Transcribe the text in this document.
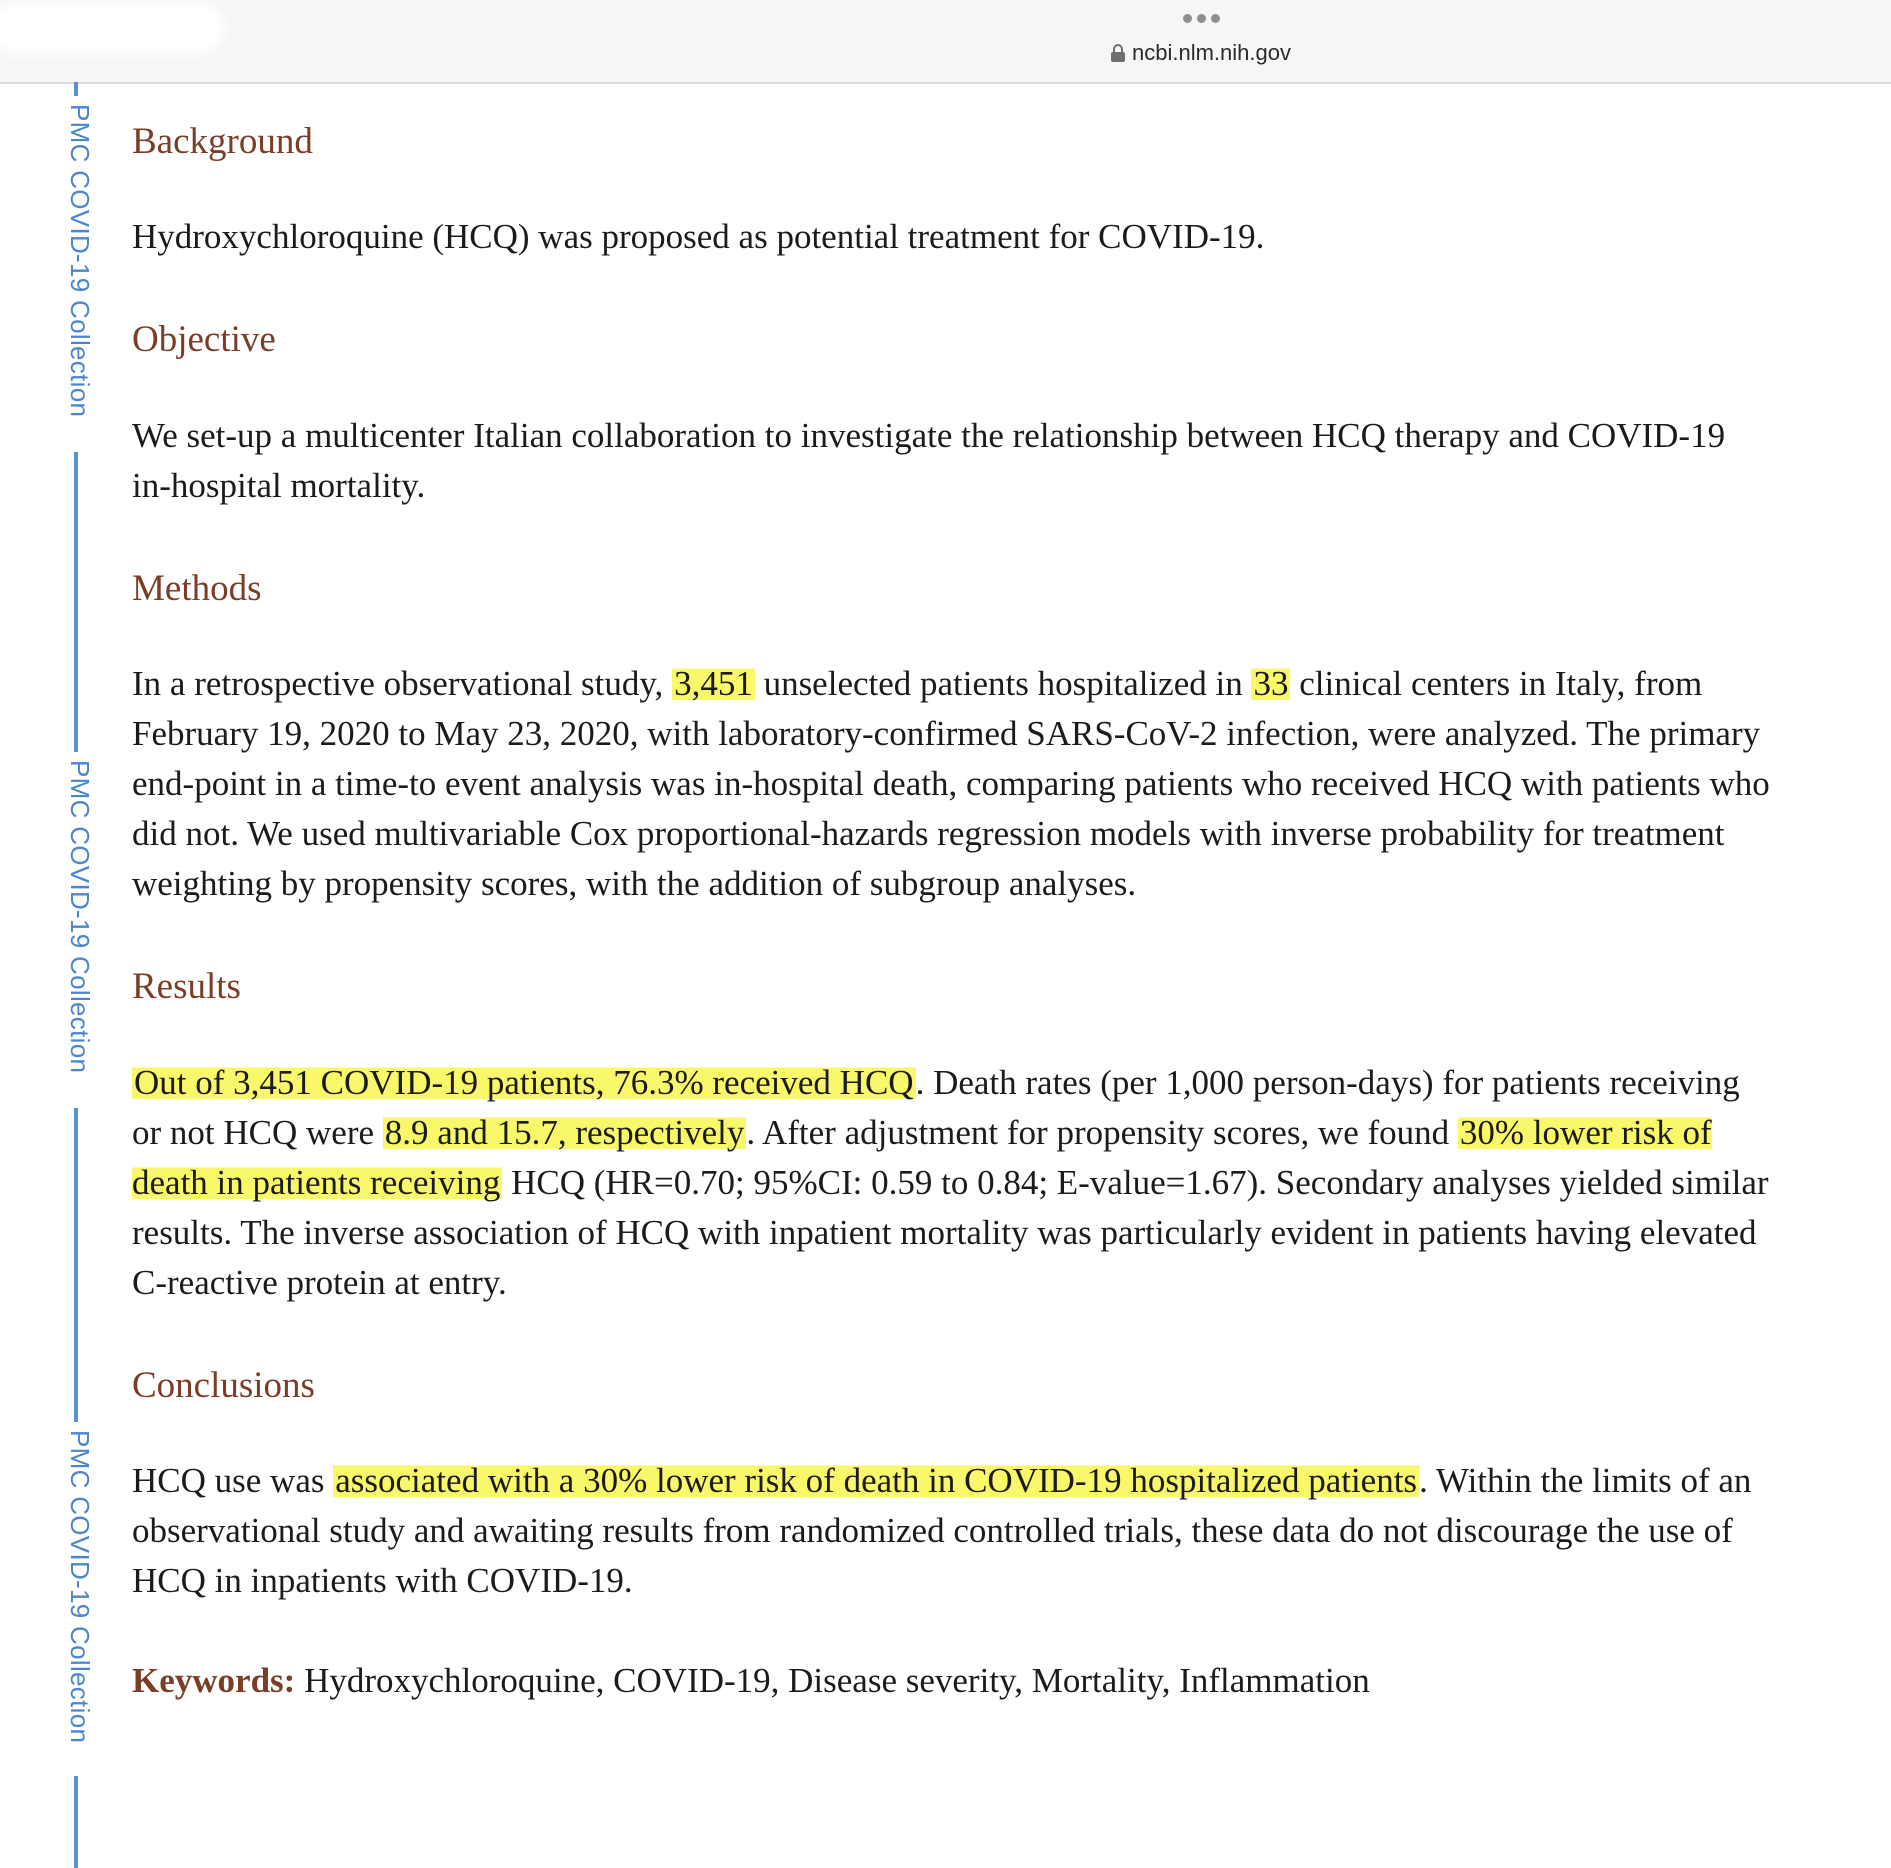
ncbi.nlm.nih.gov
PMC COVID-19 Collection
PMC COVID-19 Collection
PMC COVID-19 Collection
Background

Hydroxychloroquine (HCQ) was proposed as potential treatment for COVID-19.

Objective

We set-up a multicenter Italian collaboration to investigate the relationship between HCQ therapy and COVID-19 in-hospital mortality.

Methods

In a retrospective observational study, 3,451 unselected patients hospitalized in 33 clinical centers in Italy, from February 19, 2020 to May 23, 2020, with laboratory-confirmed SARS-CoV-2 infection, were analyzed. The primary end-point in a time-to event analysis was in-hospital death, comparing patients who received HCQ with patients who did not. We used multivariable Cox proportional-hazards regression models with inverse probability for treatment weighting by propensity scores, with the addition of subgroup analyses.

Results

Out of 3,451 COVID-19 patients, 76.3% received HCQ. Death rates (per 1,000 person-days) for patients receiving or not HCQ were 8.9 and 15.7, respectively. After adjustment for propensity scores, we found 30% lower risk of death in patients receiving HCQ (HR=0.70; 95%CI: 0.59 to 0.84; E-value=1.67). Secondary analyses yielded similar results. The inverse association of HCQ with inpatient mortality was particularly evident in patients having elevated C-reactive protein at entry.

Conclusions

HCQ use was associated with a 30% lower risk of death in COVID-19 hospitalized patients. Within the limits of an observational study and awaiting results from randomized controlled trials, these data do not discourage the use of HCQ in inpatients with COVID-19.

Keywords: Hydroxychloroquine, COVID-19, Disease severity, Mortality, Inflammation
